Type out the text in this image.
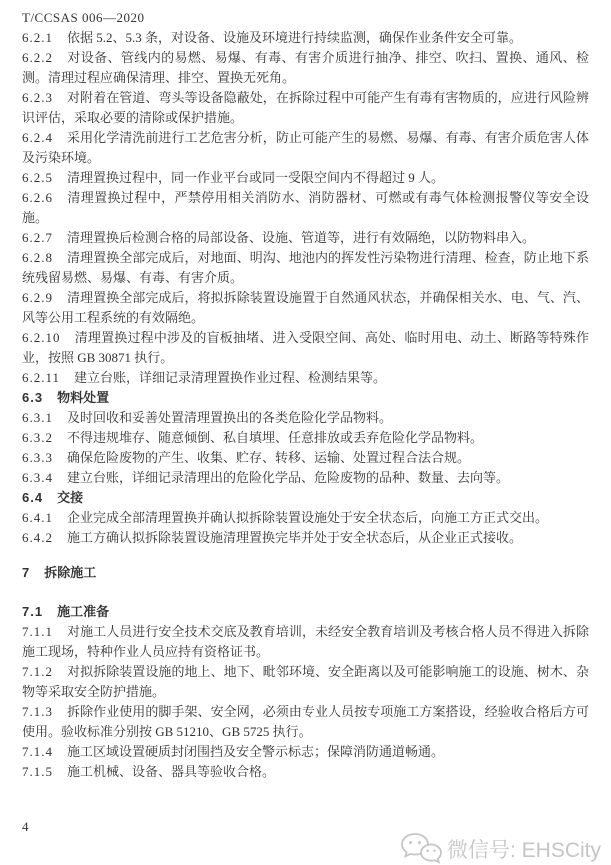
T/CCSAS 006—2020

6.2.1 依据 5.2、5.3 条，对设备、设施及环境进行持续监测，确保作业条件安全可靠。

6.2.2 对设备、管线内的易燃、易爆、有毒、有害介质进行抽净、排空、吹扫、置换、通风、检测。清理过程应确保清理、排空、置换无死角。

6.2.3 对附着在管道、弯头等设备隐蔽处，在拆除过程中可能产生有毒有害物质的，应进行风险辨识评估，采取必要的清除或保护措施。

6.2.4 采用化学清洗前进行工艺危害分析，防止可能产生的易燃、易爆、有毒、有害介质危害人体及污染环境。

6.2.5 清理置换过程中，同一作业平台或同一受限空间内不得超过 9 人。

6.2.6 清理置换过程中，严禁停用相关消防水、消防器材、可燃或有毒气体检测报警仪等安全设施。

6.2.7 清理置换后检测合格的局部设备、设施、管道等，进行有效隔绝，以防物料串入。

6.2.8 清理置换全部完成后，对地面、明沟、地池内的挥发性污染物进行清理、检查，防止地下系统残留易燃、易爆、有毒、有害介质。

6.2.9 清理置换全部完成后，将拟拆除装置设施置于自然通风状态，并确保相关水、电、气、汽、风等公用工程系统的有效隔绝。

6.2.10 清理置换过程中涉及的盲板抽堵、进入受限空间、高处、临时用电、动土、断路等特殊作业，按照 GB 30871 执行。

6.2.11 建立台账，详细记录清理置换作业过程、检测结果等。

6.3 物料处置

6.3.1 及时回收和妥善处置清理置换出的各类危险化学品物料。

6.3.2 不得违规堆存、随意倾倒、私自填埋、任意排放或丢弃危险化学品物料。

6.3.3 确保危险废物的产生、收集、贮存、转移、运输、处置过程合法合规。

6.3.4 建立台账，详细记录清理出的危险化学品、危险废物的品种、数量、去向等。

6.4 交接

6.4.1 企业完成全部清理置换并确认拟拆除装置设施处于安全状态后，向施工方正式交出。

6.4.2 施工方确认拟拆除装置设施清理置换完毕并处于安全状态后，从企业正式接收。

7 拆除施工

7.1 施工准备

7.1.1 对施工人员进行安全技术交底及教育培训，未经安全教育培训及考核合格人员不得进入拆除施工现场，特种作业人员应持有资格证书。

7.1.2 对拟拆除装置设施的地上、地下、毗邻环境、安全距离以及可能影响施工的设施、树木、杂物等采取安全防护措施。

7.1.3 拆除作业使用的脚手架、安全网，必须由专业人员按专项施工方案搭设，经验收合格后方可使用。验收标准分别按 GB 51210、GB 5725 执行。

7.1.4 施工区域设置硬质封闭围挡及安全警示标志；保障消防通道畅通。

7.1.5 施工机械、设备、器具等验收合格。

4
微信号: EHSCity
